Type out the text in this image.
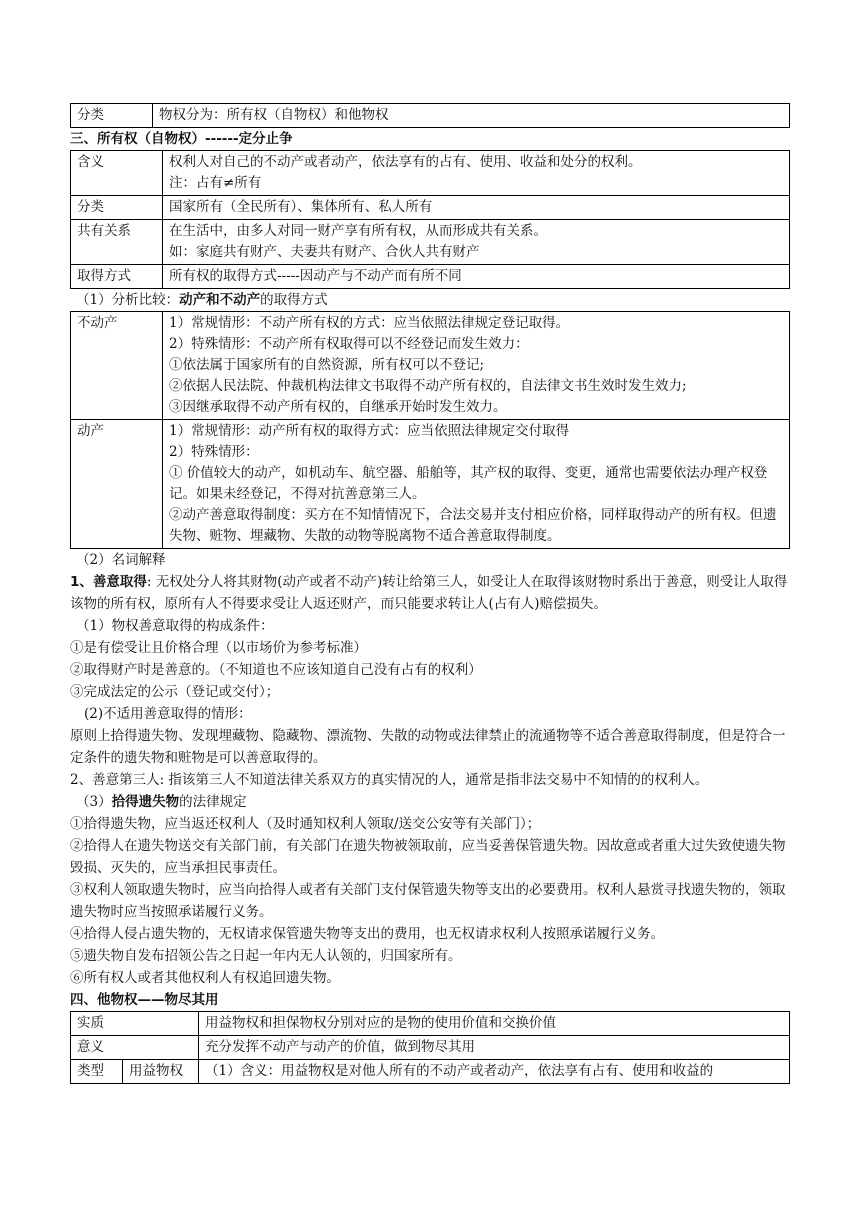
分类	物权分为：所有权（自物权）和他物权

三、所有权（自物权）------定分止争

含义	权利人对自己的不动产或者动产，依法享有的占有、使用、收益和处分的权利。
注：占有≠所有

分类	国家所有（全民所有）、集体所有、私人所有
共有关系	在生活中，由多人对同一财产享有所有权，从而形成共有关系。
如：家庭共有财产、夫妻共有财产、合伙人共有财产

取得方式	所有权的取得方式-----因动产与不动产而有所不同

（1）分析比较：动产和不动产的取得方式

不动产	1）常规情形：不动产所有权的方式：应当依照法律规定登记取得。
2）特殊情形：不动产所有权取得可以不经登记而发生效力：
①依法属于国家所有的自然资源，所有权可以不登记;
②依据人民法院、仲裁机构法律文书取得不动产所有权的，自法律文书生效时发生效力;
③因继承取得不动产所有权的，自继承开始时发生效力。

动产	1）常规情形：动产所有权的取得方式：应当依照法律规定交付取得
2）特殊情形：
① 价值较大的动产，如机动车、航空器、船舶等，其产权的取得、变更，通常也需要依法办理产权登记。如果未经登记，不得对抗善意第三人。
②动产善意取得制度：买方在不知情情况下，合法交易并支付相应价格，同样取得动产的所有权。但遗失物、赃物、埋藏物、失散的动物等脱离物不适合善意取得制度。

（2）名词解释

1、善意取得: 无权处分人将其财物(动产或者不动产)转让给第三人，如受让人在取得该财物时系出于善意，则受让人取得该物的所有权，原所有人不得要求受让人返还财产，而只能要求转让人(占有人)赔偿损失。

（1）物权善意取得的构成条件：

①是有偿受让且价格合理（以市场价为参考标准）

②取得财产时是善意的。（不知道也不应该知道自己没有占有的权利）

③完成法定的公示（登记或交付）；

(2)不适用善意取得的情形：

原则上拾得遗失物、发现埋藏物、隐藏物、漂流物、失散的动物或法律禁止的流通物等不适合善意取得制度，但是符合一定条件的遗失物和赃物是可以善意取得的。

2、善意第三人: 指该第三人不知道法律关系双方的真实情况的人，通常是指非法交易中不知情的的权利人。

（3）拾得遗失物的法律规定

①拾得遗失物，应当返还权利人（及时通知权利人领取/送交公安等有关部门）；

②拾得人在遗失物送交有关部门前，有关部门在遗失物被领取前，应当妥善保管遗失物。因故意或者重大过失致使遗失物毁损、灭失的，应当承担民事责任。

③权利人领取遗失物时，应当向拾得人或者有关部门支付保管遗失物等支出的必要费用。权利人悬赏寻找遗失物的，领取遗失物时应当按照承诺履行义务。

④拾得人侵占遗失物的，无权请求保管遗失物等支出的费用，也无权请求权利人按照承诺履行义务。

⑤遗失物自发布招领公告之日起一年内无人认领的，归国家所有。

⑥所有权人或者其他权利人有权追回遗失物。

四、他物权——物尽其用

实质		用益物权和担保物权分别对应的是物的使用价值和交换价值
意义		充分发挥不动产与动产的价值，做到物尽其用
类型	用益物权	（1）含义：用益物权是对他人所有的不动产或者动产，依法享有占有、使用和收益的
